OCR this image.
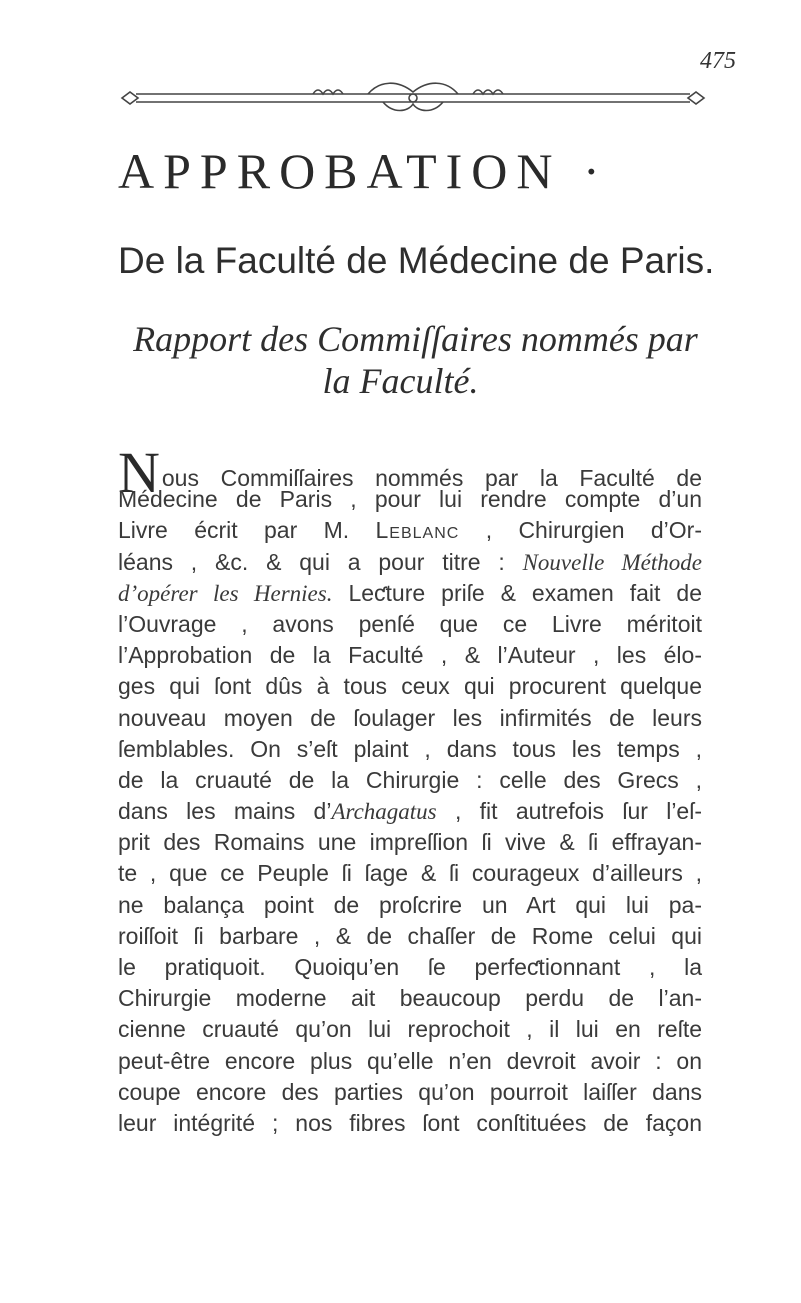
475
APPROBATION ·
De la Faculté de Médecine de Paris.
Rapport des Commiſſaires nommés par
la Faculté.
Nous Commiſſaires nommés par la Faculté de
Médecine de Paris , pour lui rendre compte d’un
Livre écrit par M. Leblanc , Chirurgien d’Or-
léans , &c. & qui a pour titre : Nouvelle Méthode
d’opérer les Hernies. Leƈture priſe & examen fait de
l’Ouvrage , avons penſé que ce Livre méritoit
l’Approbation de la Faculté , & l’Auteur , les élo-
ges qui ſont dûs à tous ceux qui procurent quelque
nouveau moyen de ſoulager les infirmités de leurs
ſemblables. On s’eſt plaint , dans tous les temps ,
de la cruauté de la Chirurgie : celle des Grecs ,
dans les mains d’Archagatus , fit autrefois ſur l’eſ-
prit des Romains une impreſſion ſi vive & ſi effrayan-
te , que ce Peuple ſi ſage & ſi courageux d’ailleurs ,
ne balança point de proſcrire un Art qui lui pa-
roiſſoit ſi barbare , & de chaſſer de Rome celui qui
le pratiquoit. Quoiqu’en ſe perfeƈtionnant , la
Chirurgie moderne ait beaucoup perdu de l’an-
cienne cruauté qu’on lui reprochoit , il lui en reſte
peut-être encore plus qu’elle n’en devroit avoir : on
coupe encore des parties qu’on pourroit laiſſer dans
leur intégrité ; nos fibres ſont conſtituées de façon
